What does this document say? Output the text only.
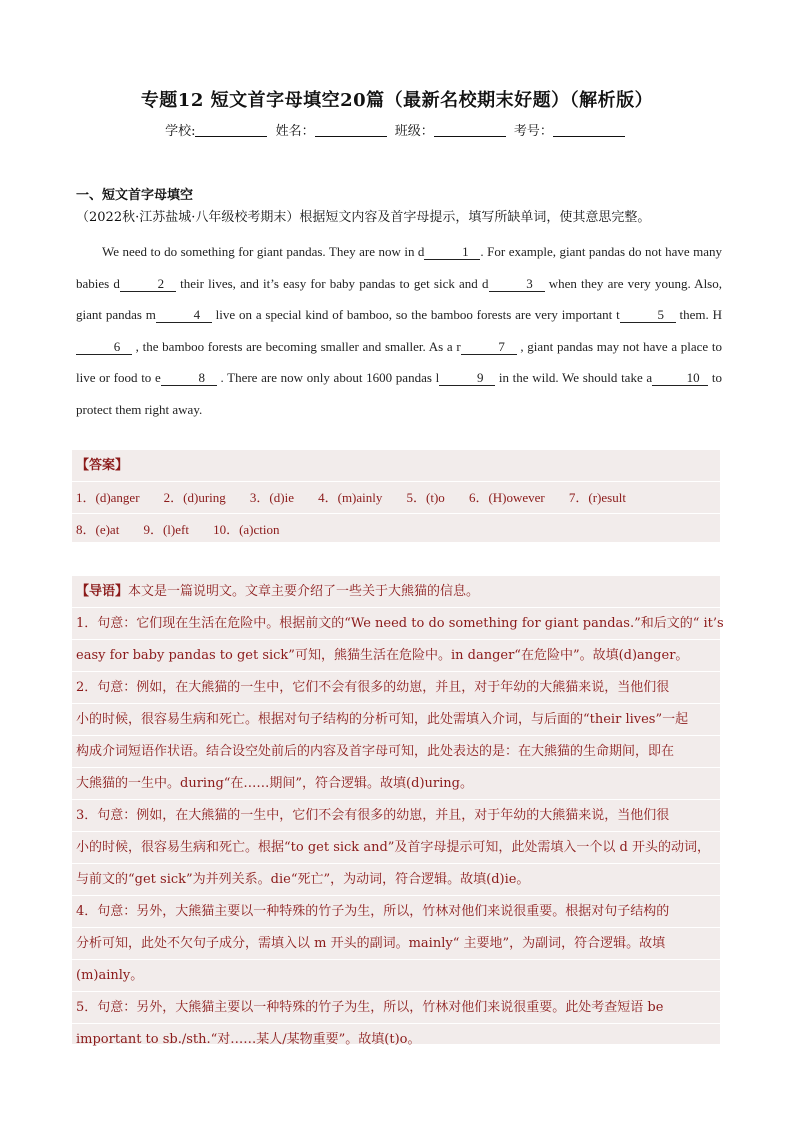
专题12 短文首字母填空20篇（最新名校期末好题）（解析版）
学校:	姓名：	班级：	考号：
一、短文首字母填空
（2022秋·江苏盐城·八年级校考期末）根据短文内容及首字母提示，填写所缺单词，使其意思完整。

We need to do something for giant pandas. They are now in d	1 . For example, giant pandas do not have many babies d	2 their lives, and it’s easy for baby pandas to get sick and d	3 when they are very young. Also, giant pandas m	4 live on a special kind of bamboo, so the bamboo forests are very important t	5 them. H6 , the bamboo forests are becoming smaller and smaller. As a r	7 , giant pandas may not have a place to live or food to e	8 . There are now only about 1600 pandas l	9 in the wild. We should take a	10 to protect them right away.

【答案】
1．(d)anger 2．(d)uring 3．(d)ie 4．(m)ainly 5．(t)o 6．(H)owever 7．(r)esult
8．(e)at 9．(l)eft 10．(a)ction
【导语】本文是一篇说明文。文章主要介绍了一些关于大熊猫的信息。
1．句意：它们现在生活在危险中。根据前文的“We need to do something for giant pandas.”和后文的“ it’s
easy for baby pandas to get sick”可知，熊猫生活在危险中。in danger“在危险中”。故填(d)anger。
2．句意：例如，在大熊猫的一生中，它们不会有很多的幼崽，并且，对于年幼的大熊猫来说，当他们很
小的时候，很容易生病和死亡。根据对句子结构的分析可知，此处需填入介词，与后面的“their lives”一起
构成介词短语作状语。结合设空处前后的内容及首字母可知，此处表达的是：在大熊猫的生命期间，即在
大熊猫的一生中。during“在……期间”，符合逻辑。故填(d)uring。
3．句意：例如，在大熊猫的一生中，它们不会有很多的幼崽，并且，对于年幼的大熊猫来说，当他们很
小的时候，很容易生病和死亡。根据“to get sick and”及首字母提示可知，此处需填入一个以 d 开头的动词，
与前文的“get sick”为并列关系。die“死亡”，为动词，符合逻辑。故填(d)ie。
4．句意：另外，大熊猫主要以一种特殊的竹子为生，所以，竹林对他们来说很重要。根据对句子结构的
分析可知，此处不欠句子成分，需填入以 m 开头的副词。mainly“ 主要地”，为副词，符合逻辑。故填
(m)ainly。
5．句意：另外，大熊猫主要以一种特殊的竹子为生，所以，竹林对他们来说很重要。此处考查短语 be
important to sb./sth.“对……某人/某物重要”。故填(t)o。
